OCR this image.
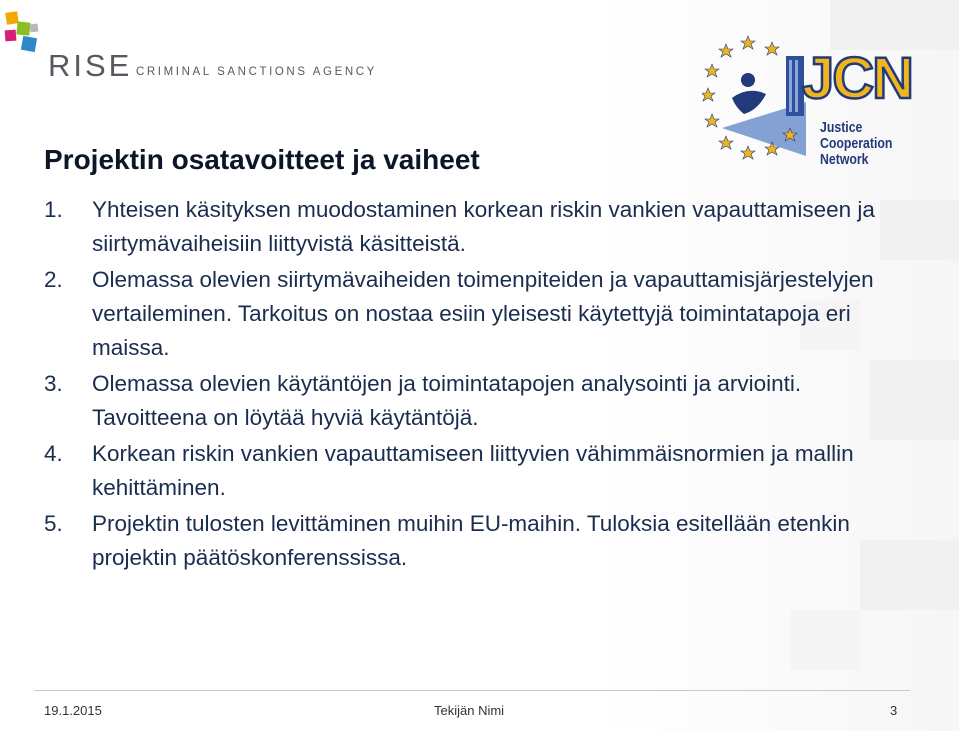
RISE CRIMINAL SANCTIONS AGENCY	JCN
Justice
Cooperation
Network
Projektin osatavoitteet ja vaiheet
1. Yhteisen käsityksen muodostaminen korkean riskin vankien vapauttamiseen ja siirtymävaiheisiin liittyvistä käsitteistä.
2. Olemassa olevien siirtymävaiheiden toimenpiteiden ja vapauttamisjärjestelyjen vertaileminen. Tarkoitus on nostaa esiin yleisesti käytettyjä toimintatapoja eri maissa.
3. Olemassa olevien käytäntöjen ja toimintatapojen analysointi ja arviointi. Tavoitteena on löytää hyviä käytäntöjä.
4. Korkean riskin vankien vapauttamiseen liittyvien vähimmäisnormien ja mallin kehittäminen.
5. Projektin tulosten levittäminen muihin EU-maihin. Tuloksia esitellään etenkin projektin päätöskonferenssissa.
19.1.2015	Tekijän Nimi	3
